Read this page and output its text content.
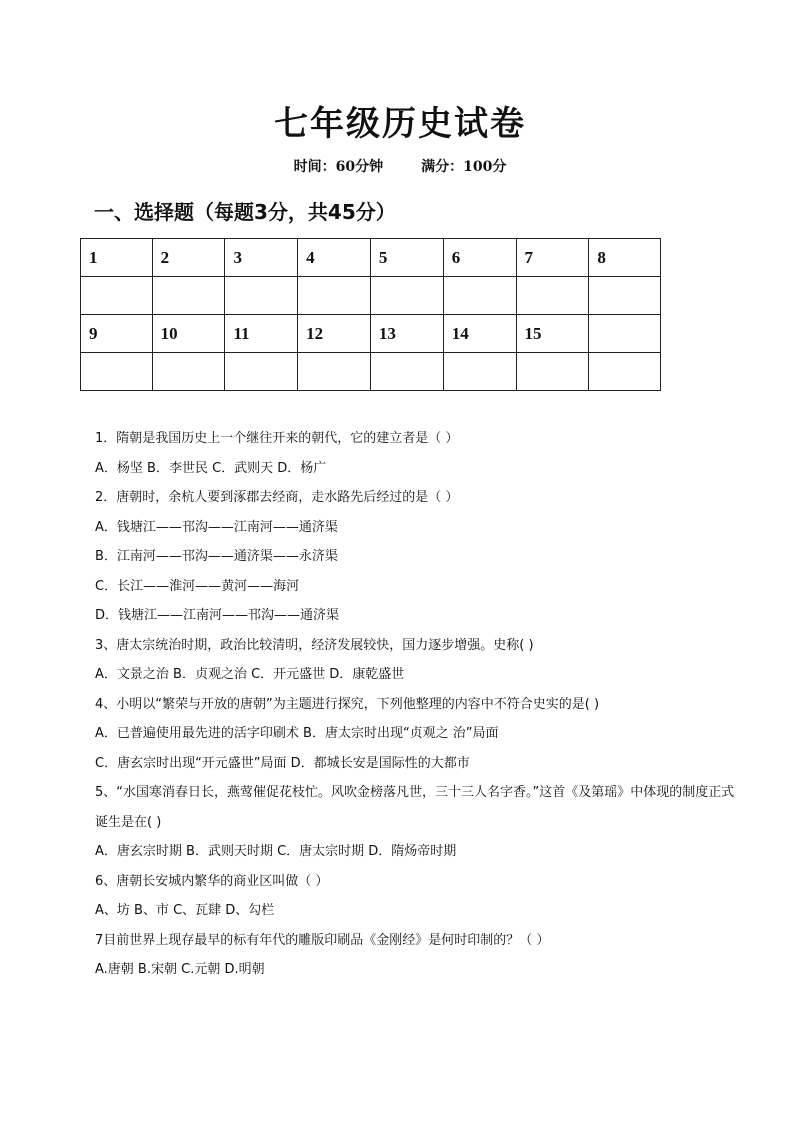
七年级历史试卷
时间：60分钟	满分：100分
一、选择题（每题3分，共45分）
1	2	3	4	5	6	7	8

9	10	11	12	13	14	15	

1．隋朝是我国历史上一个继往开来的朝代，它的建立者是（ ）
A．杨坚 B．李世民 C．武则天 D．杨广
2．唐朝时，余杭人要到涿郡去经商，走水路先后经过的是（ ）
A．钱塘江——邗沟——江南河——通济渠
B．江南河——邗沟——通济渠——永济渠
C．长江——淮河——黄河——海河
D．钱塘江——江南河——邗沟——通济渠
3、唐太宗统治时期，政治比较清明，经济发展较快，国力逐步增强。史称( )
A．文景之治 B．贞观之治 C．开元盛世 D．康乾盛世
4、小明以“繁荣与开放的唐朝”为主题进行探究，下列他整理的内容中不符合史实的是( )
A．已普遍使用最先进的活字印刷术 B．唐太宗时出现“贞观之 治”局面
C．唐玄宗时出现“开元盛世”局面 D．都城长安是国际性的大都市
5、“水国寒消春日长，燕莺催促花枝忙。风吹金榜落凡世，三十三人名字香。”这首《及第瑶》中体现的制度正式诞生是在( )
A．唐玄宗时期 B．武则天时期 C．唐太宗时期 D．隋炀帝时期
6、唐朝长安城内繁华的商业区叫做（ ）
A、坊 B、市 C、瓦肆 D、勾栏
7目前世界上现存最早的标有年代的雕版印刷品《金刚经》是何时印制的？（ ）
A.唐朝 B.宋朝 C.元朝 D.明朝
